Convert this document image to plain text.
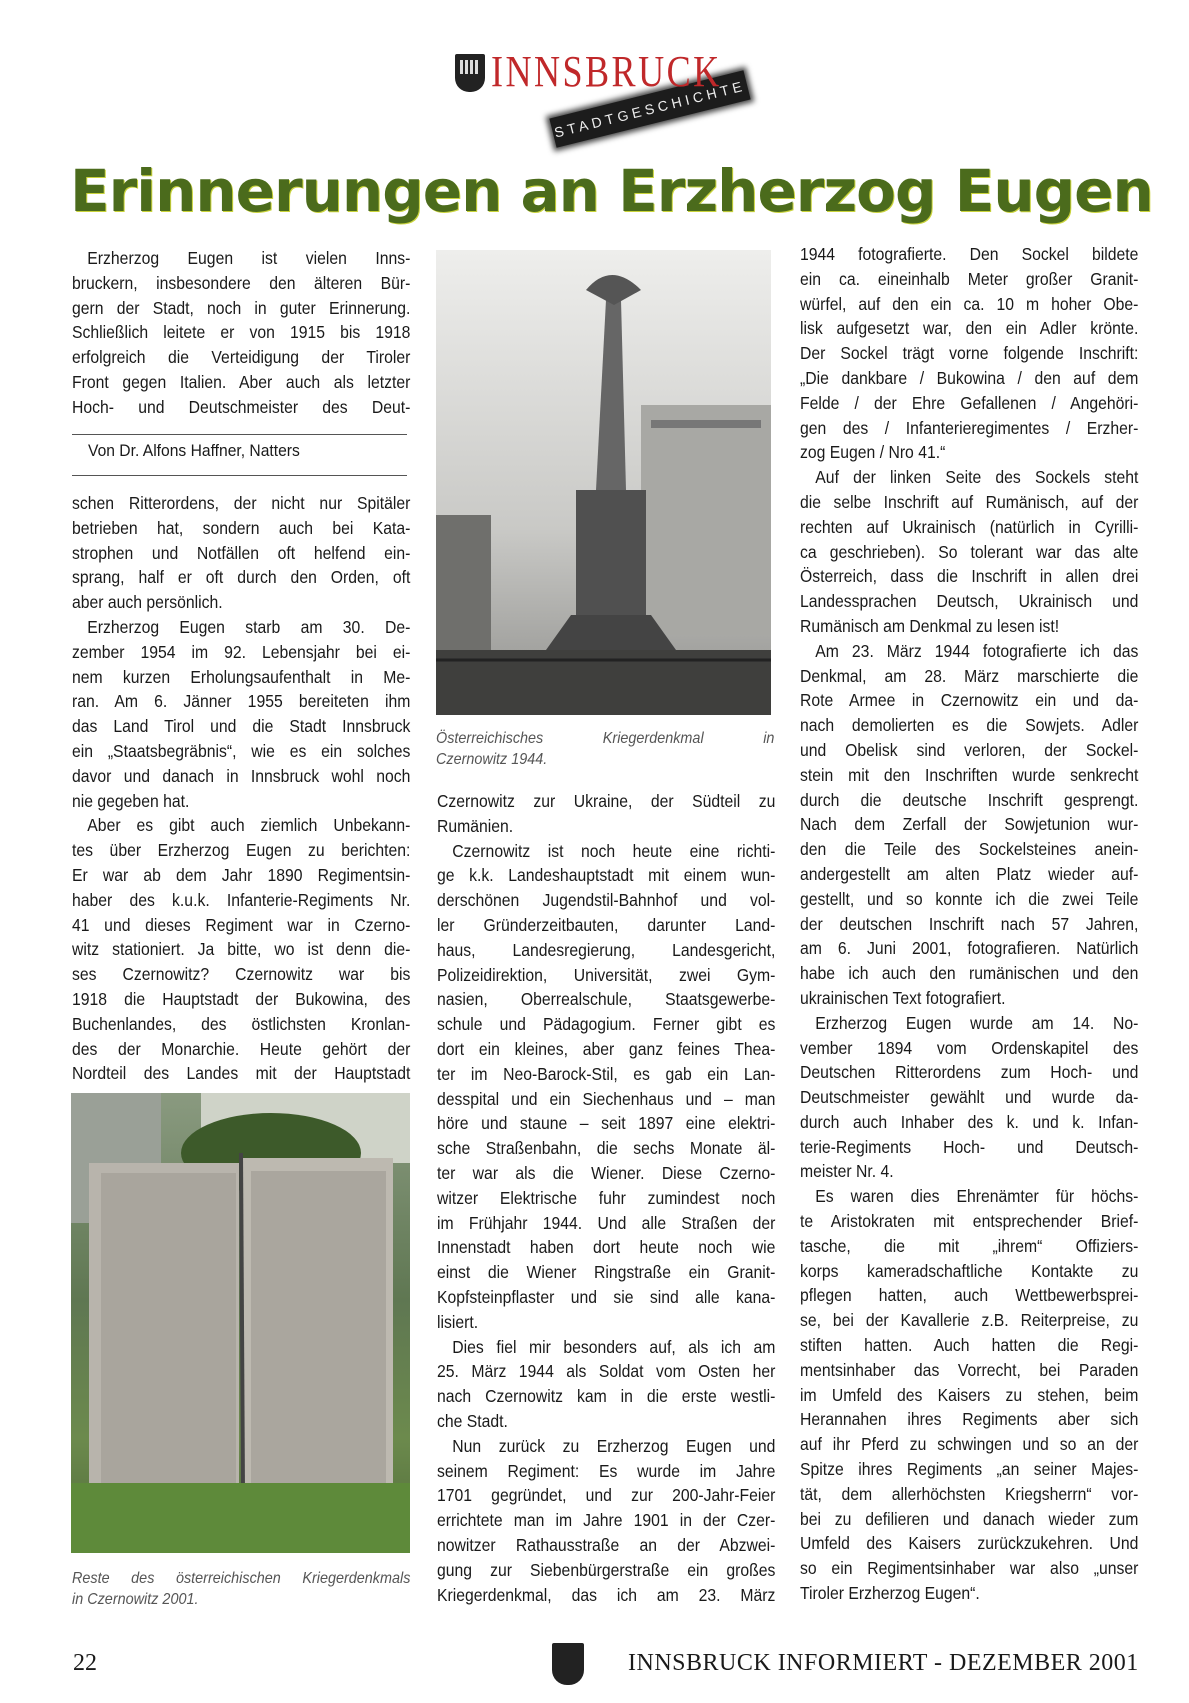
STADTGESCHICHTE
INNSBRUCK
Erinnerungen an Erzherzog Eugen
Erzherzog Eugen ist vielen Inns-
bruckern, insbesondere den älteren Bür-
gern der Stadt, noch in guter Erinnerung.
Schließlich leitete er von 1915 bis 1918
erfolgreich die Verteidigung der Tiroler
Front gegen Italien. Aber auch als letzter
Hoch- und Deutschmeister des Deut-
Von Dr. Alfons Haffner, Natters
schen Ritterordens, der nicht nur Spitäler
betrieben hat, sondern auch bei Kata-
strophen und Notfällen oft helfend ein-
sprang, half er oft durch den Orden, oft
aber auch persönlich.
Erzherzog Eugen starb am 30. De-
zember 1954 im 92. Lebensjahr bei ei-
nem kurzen Erholungsaufenthalt in Me-
ran. Am 6. Jänner 1955 bereiteten ihm
das Land Tirol und die Stadt Innsbruck
ein „Staatsbegräbnis“, wie es ein solches
davor und danach in Innsbruck wohl noch
nie gegeben hat.
Aber es gibt auch ziemlich Unbekann-
tes über Erzherzog Eugen zu berichten:
Er war ab dem Jahr 1890 Regimentsin-
haber des k.u.k. Infanterie-Regiments Nr.
41 und dieses Regiment war in Czerno-
witz stationiert. Ja bitte, wo ist denn die-
ses Czernowitz? Czernowitz war bis
1918 die Hauptstadt der Bukowina, des
Buchenlandes, des östlichsten Kronlan-
des der Monarchie. Heute gehört der
Nordteil des Landes mit der Hauptstadt
Reste des österreichischen Kriegerdenkmals
in Czernowitz 2001.
Österreichisches Kriegerdenkmal in
Czernowitz 1944.
Czernowitz zur Ukraine, der Südteil zu
Rumänien.
Czernowitz ist noch heute eine richti-
ge k.k. Landeshauptstadt mit einem wun-
derschönen Jugendstil-Bahnhof und vol-
ler Gründerzeitbauten, darunter Land-
haus, Landesregierung, Landesgericht,
Polizeidirektion, Universität, zwei Gym-
nasien, Oberrealschule, Staatsgewerbe-
schule und Pädagogium. Ferner gibt es
dort ein kleines, aber ganz feines Thea-
ter im Neo-Barock-Stil, es gab ein Lan-
desspital und ein Siechenhaus und – man
höre und staune – seit 1897 eine elektri-
sche Straßenbahn, die sechs Monate äl-
ter war als die Wiener. Diese Czerno-
witzer Elektrische fuhr zumindest noch
im Frühjahr 1944. Und alle Straßen der
Innenstadt haben dort heute noch wie
einst die Wiener Ringstraße ein Granit-
Kopfsteinpflaster und sie sind alle kana-
lisiert.
Dies fiel mir besonders auf, als ich am
25. März 1944 als Soldat vom Osten her
nach Czernowitz kam in die erste westli-
che Stadt.
Nun zurück zu Erzherzog Eugen und
seinem Regiment: Es wurde im Jahre
1701 gegründet, und zur 200-Jahr-Feier
errichtete man im Jahre 1901 in der Czer-
nowitzer Rathausstraße an der Abzwei-
gung zur Siebenbürgerstraße ein großes
Kriegerdenkmal, das ich am 23. März
1944 fotografierte. Den Sockel bildete
ein ca. eineinhalb Meter großer Granit-
würfel, auf den ein ca. 10 m hoher Obe-
lisk aufgesetzt war, den ein Adler krönte.
Der Sockel trägt vorne folgende Inschrift:
„Die dankbare / Bukowina / den auf dem
Felde / der Ehre Gefallenen / Angehöri-
gen des / Infanterieregimentes / Erzher-
zog Eugen / Nro 41.“
Auf der linken Seite des Sockels steht
die selbe Inschrift auf Rumänisch, auf der
rechten auf Ukrainisch (natürlich in Cyrilli-
ca geschrieben). So tolerant war das alte
Österreich, dass die Inschrift in allen drei
Landessprachen Deutsch, Ukrainisch und
Rumänisch am Denkmal zu lesen ist!
Am 23. März 1944 fotografierte ich das
Denkmal, am 28. März marschierte die
Rote Armee in Czernowitz ein und da-
nach demolierten es die Sowjets. Adler
und Obelisk sind verloren, der Sockel-
stein mit den Inschriften wurde senkrecht
durch die deutsche Inschrift gesprengt.
Nach dem Zerfall der Sowjetunion wur-
den die Teile des Sockelsteines anein-
andergestellt am alten Platz wieder auf-
gestellt, und so konnte ich die zwei Teile
der deutschen Inschrift nach 57 Jahren,
am 6. Juni 2001, fotografieren. Natürlich
habe ich auch den rumänischen und den
ukrainischen Text fotografiert.
Erzherzog Eugen wurde am 14. No-
vember 1894 vom Ordenskapitel des
Deutschen Ritterordens zum Hoch- und
Deutschmeister gewählt und wurde da-
durch auch Inhaber des k. und k. Infan-
terie-Regiments Hoch- und Deutsch-
meister Nr. 4.
Es waren dies Ehrenämter für höchs-
te Aristokraten mit entsprechender Brief-
tasche, die mit „ihrem“ Offiziers-
korps kameradschaftliche Kontakte zu
pflegen hatten, auch Wettbewerbsprei-
se, bei der Kavallerie z.B. Reiterpreise, zu
stiften hatten. Auch hatten die Regi-
mentsinhaber das Vorrecht, bei Paraden
im Umfeld des Kaisers zu stehen, beim
Herannahen ihres Regiments aber sich
auf ihr Pferd zu schwingen und so an der
Spitze ihres Regiments „an seiner Majes-
tät, dem allerhöchsten Kriegsherrn“ vor-
bei zu defilieren und danach wieder zum
Umfeld des Kaisers zurückzukehren. Und
so ein Regimentsinhaber war also „unser
Tiroler Erzherzog Eugen“.
22	INNSBRUCK INFORMIERT - DEZEMBER 2001
